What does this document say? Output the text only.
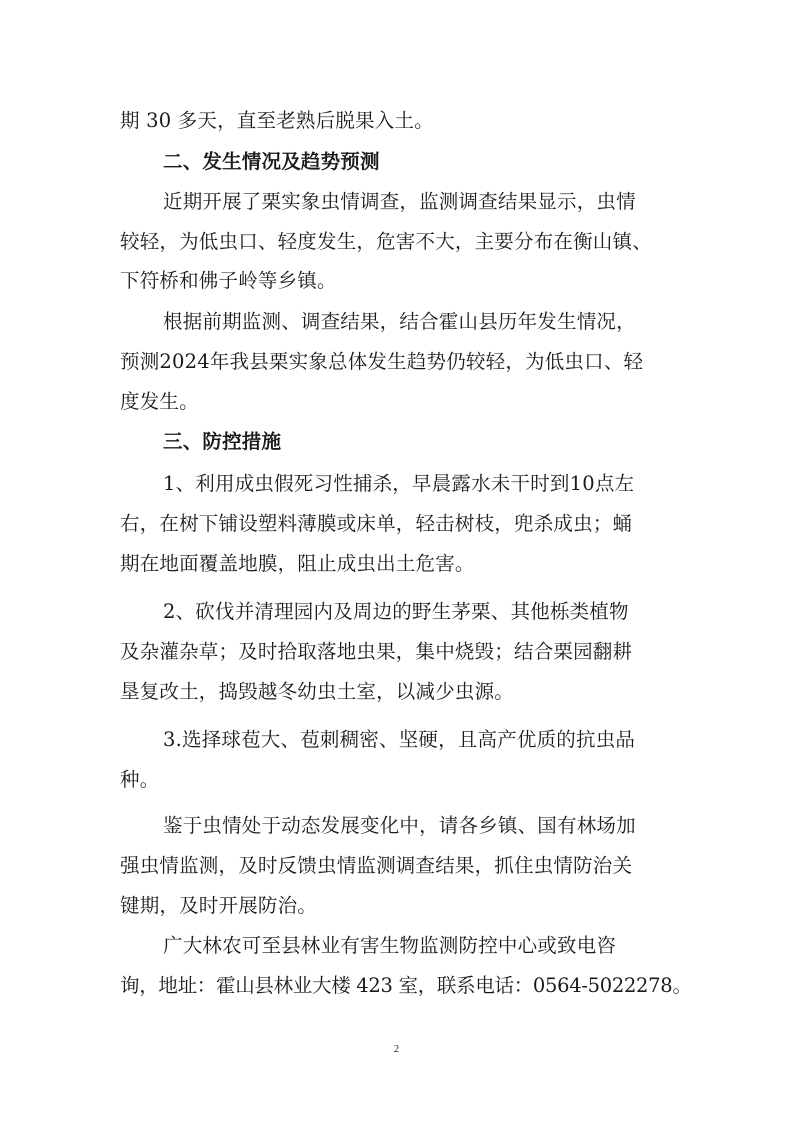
期 30 多天，直至老熟后脱果入土。
二、发生情况及趋势预测
近期开展了栗实象虫情调查，监测调查结果显示，虫情
较轻，为低虫口、轻度发生，危害不大，主要分布在衡山镇、
下符桥和佛子岭等乡镇。
根据前期监测、调查结果，结合霍山县历年发生情况，
预测2024年我县栗实象总体发生趋势仍较轻，为低虫口、轻
度发生。
三、防控措施
1、利用成虫假死习性捕杀，早晨露水未干时到10点左
右，在树下铺设塑料薄膜或床单，轻击树枝，兜杀成虫；蛹
期在地面覆盖地膜，阻止成虫出土危害。
2、砍伐并清理园内及周边的野生茅栗、其他栎类植物
及杂灌杂草；及时拾取落地虫果，集中烧毁；结合栗园翻耕
垦复改土，捣毁越冬幼虫土室，以减少虫源。
3.选择球苞大、苞刺稠密、坚硬，且高产优质的抗虫品
种。
鉴于虫情处于动态发展变化中，请各乡镇、国有林场加
强虫情监测，及时反馈虫情监测调查结果，抓住虫情防治关
键期，及时开展防治。
广大林农可至县林业有害生物监测防控中心或致电咨
询，地址：霍山县林业大楼 423 室，联系电话：0564-5022278。
2
